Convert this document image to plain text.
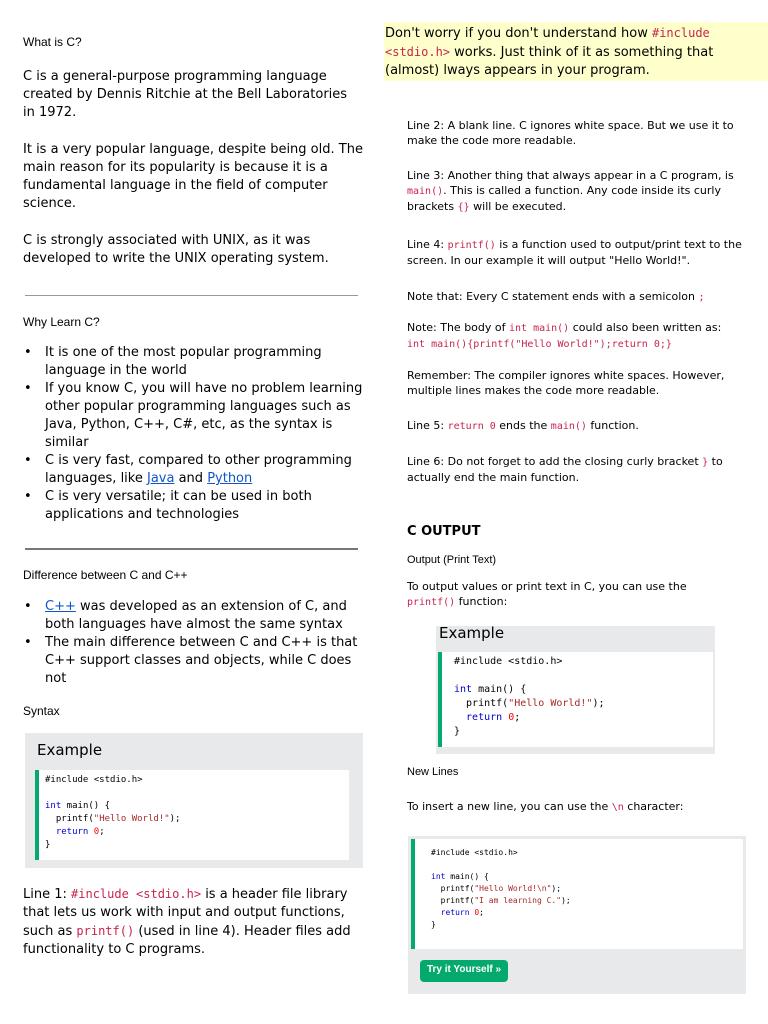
What is C?

C is a general-purpose programming language created by Dennis Ritchie at the Bell Laboratories in 1972.

It is a very popular language, despite being old. The main reason for its popularity is because it is a fundamental language in the field of computer science.

C is strongly associated with UNIX, as it was developed to write the UNIX operating system.

Why Learn C?
• It is one of the most popular programming language in the world
• If you know C, you will have no problem learning other popular programming languages such as Java, Python, C++, C#, etc, as the syntax is similar
• C is very fast, compared to other programming languages, like Java and Python
• C is very versatile; it can be used in both applications and technologies
Difference between C and C++
• C++ was developed as an extension of C, and both languages have almost the same syntax
• The main difference between C and C++ is that C++ support classes and objects, while C does not
Syntax
Example
#include <stdio.h>

int main() {
printf("Hello World!");
return 0;
}

Line 1: #include <stdio.h> is a header file library that lets us work with input and output functions, such as printf() (used in line 4). Header files add functionality to C programs.

Don't worry if you don't understand how #include <stdio.h> works. Just think of it as something that (almost) lways appears in your program.

Line 2: A blank line. C ignores white space. But we use it to make the code more readable.

Line 3: Another thing that always appear in a C program, is main(). This is called a function. Any code inside its curly brackets {} will be executed.

Line 4: printf() is a function used to output/print text to the screen. In our example it will output "Hello World!".

Note that: Every C statement ends with a semicolon ;

Note: The body of int main() could also been written as:
int main(){printf("Hello World!");return 0;}

Remember: The compiler ignores white spaces. However, multiple lines makes the code more readable.

Line 5: return 0 ends the main() function.

Line 6: Do not forget to add the closing curly bracket } to actually end the main function.

C OUTPUT
Output (Print Text)

To output values or print text in C, you can use the printf() function:

Example
#include <stdio.h>

int main() {
printf("Hello World!");
return 0;
}
New Lines

To insert a new line, you can use the \n character:

#include <stdio.h>

int main() {
printf("Hello World!\n");
printf("I am learning C.");
return 0;
}
Try it Yourself »
